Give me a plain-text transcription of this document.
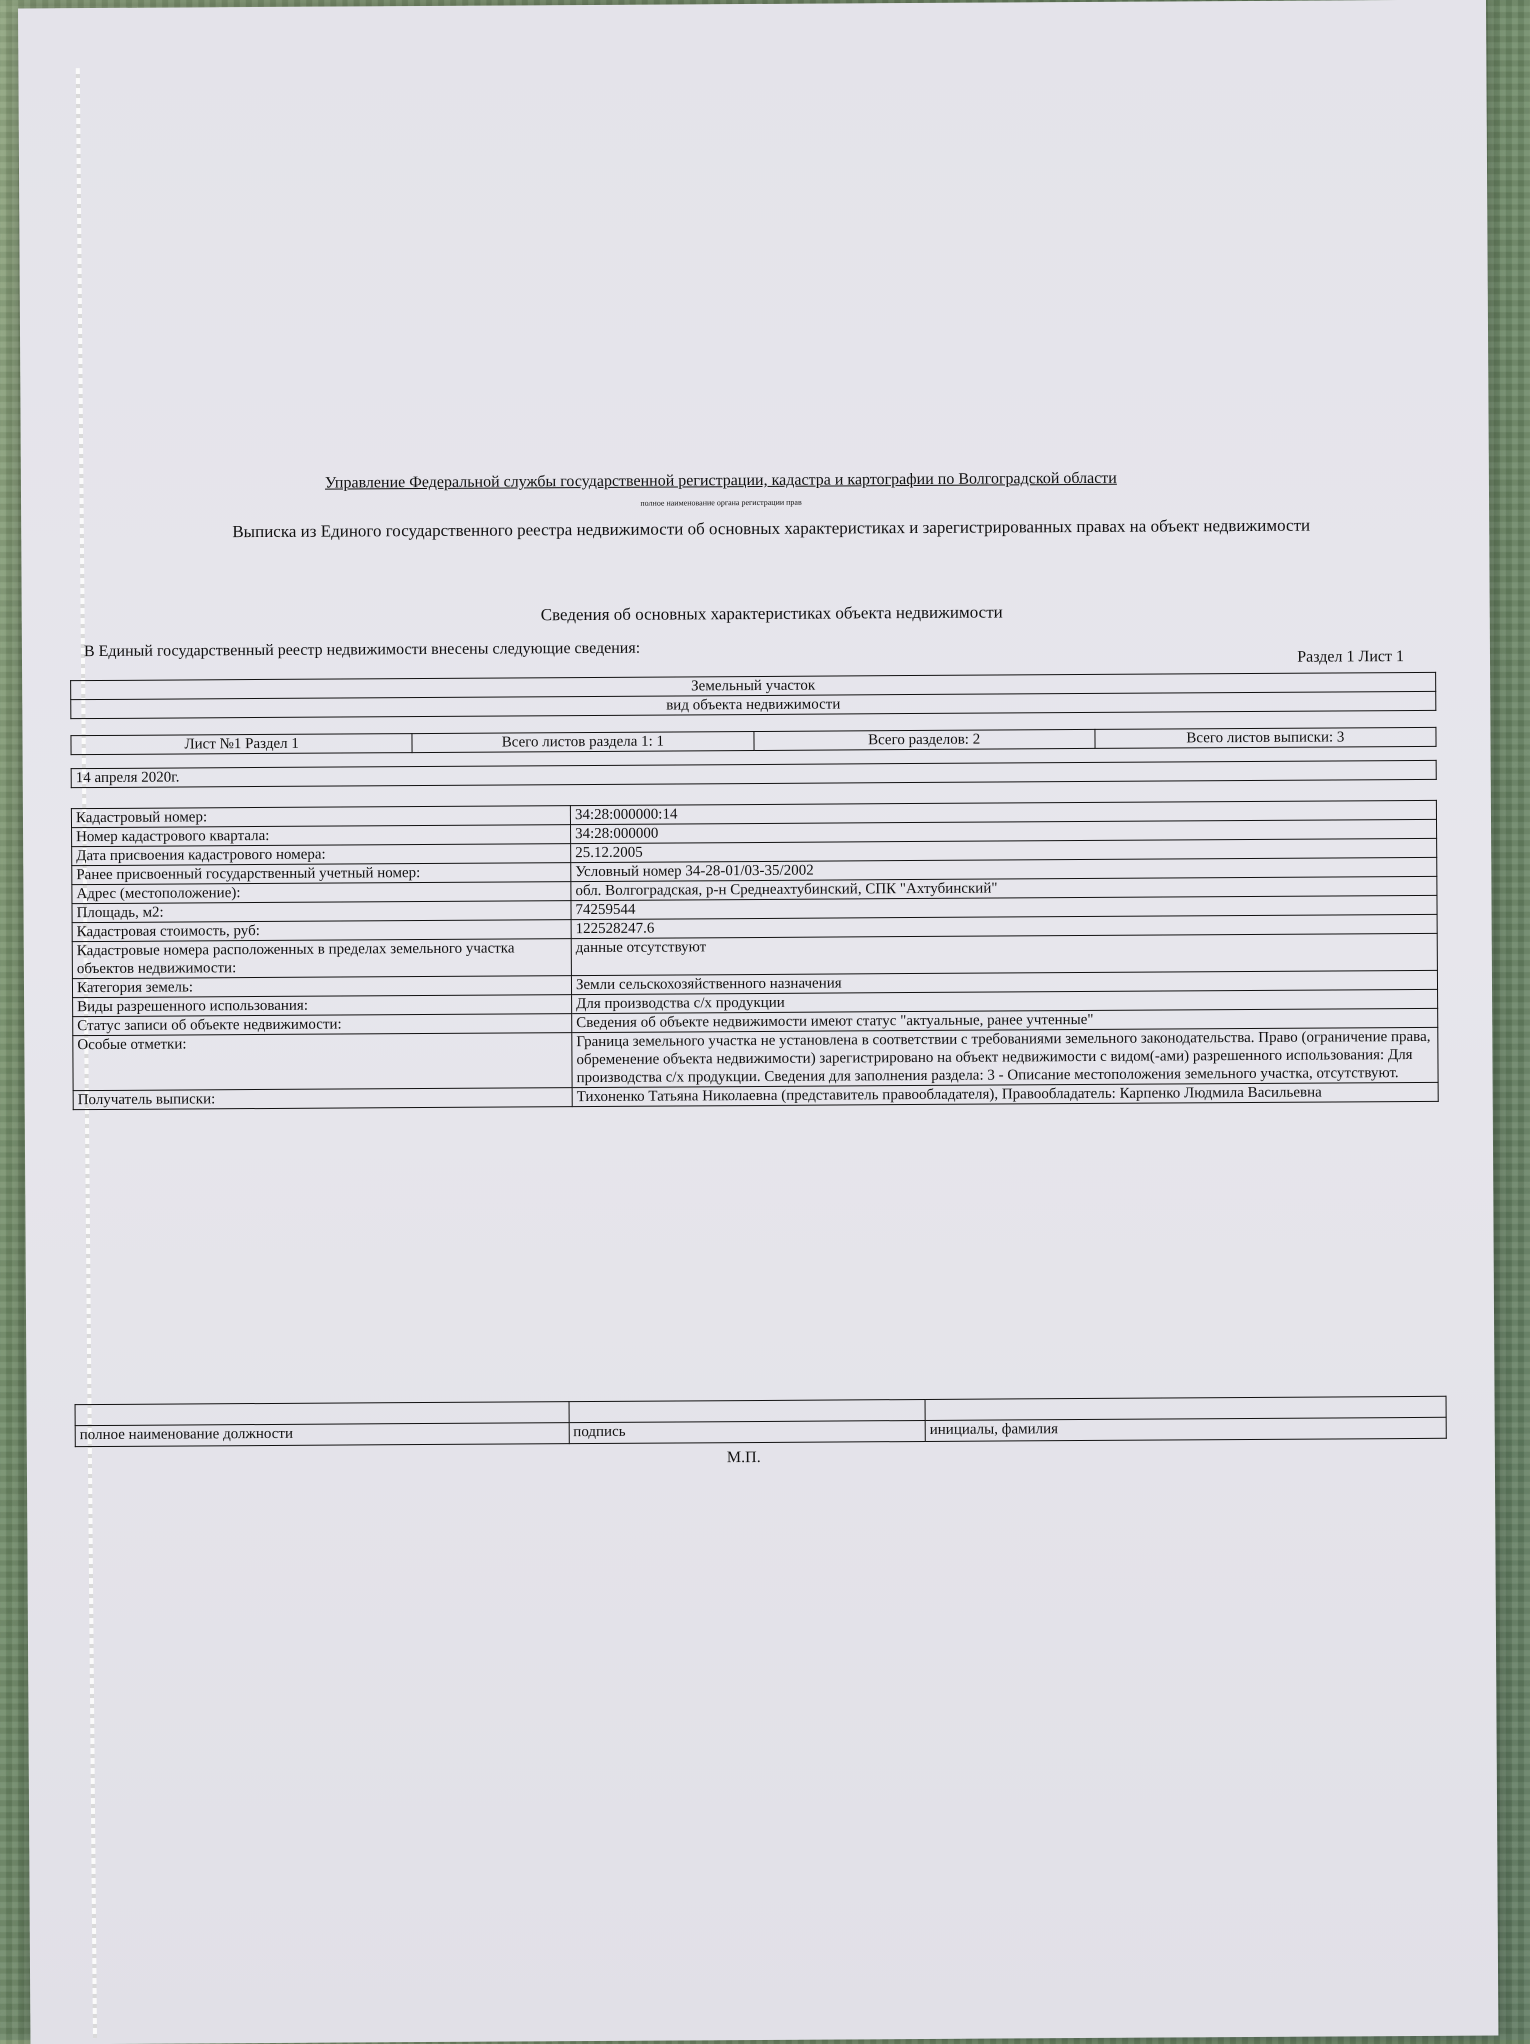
Управление Федеральной службы государственной регистрации, кадастра и картографии по Волгоградской области
полное наименование органа регистрации прав
Выписка из Единого государственного реестра недвижимости об основных характеристиках и зарегистрированных правах на объект недвижимости
Сведения об основных характеристиках объекта недвижимости
В Единый государственный реестр недвижимости внесены следующие сведения:	Раздел 1 Лист 1
Земельный участок
вид объекта недвижимости
Лист №1 Раздел 1	Всего листов раздела 1: 1	Всего разделов: 2	Всего листов выписки: 3
14 апреля 2020г.
Кадастровый номер:	34:28:000000:14
Номер кадастрового квартала:	34:28:000000
Дата присвоения кадастрового номера:	25.12.2005
Ранее присвоенный государственный учетный номер:	Условный номер 34-28-01/03-35/2002
Адрес (местоположение):	обл. Волгоградская, р-н Среднеахтубинский, СПК "Ахтубинский"
Площадь, м2:	74259544
Кадастровая стоимость, руб:	122528247.6
Кадастровые номера расположенных в пределах земельного участка объектов недвижимости:	данные отсутствуют
Категория земель:	Земли сельскохозяйственного назначения
Виды разрешенного использования:	Для производства с/х продукции
Статус записи об объекте недвижимости:	Сведения об объекте недвижимости имеют статус "актуальные, ранее учтенные"
Особые отметки:	Граница земельного участка не установлена в соответствии с требованиями земельного законодательства. Право (ограничение права, обременение объекта недвижимости) зарегистрировано на объект недвижимости с видом(-ами) разрешенного использования: Для производства с/х продукции. Сведения для заполнения раздела: 3 - Описание местоположения земельного участка, отсутствуют.
Получатель выписки:	Тихоненко Татьяна Николаевна (представитель правообладателя), Правообладатель: Карпенко Людмила Васильевна

полное наименование должности	подпись	инициалы, фамилия
М.П.
